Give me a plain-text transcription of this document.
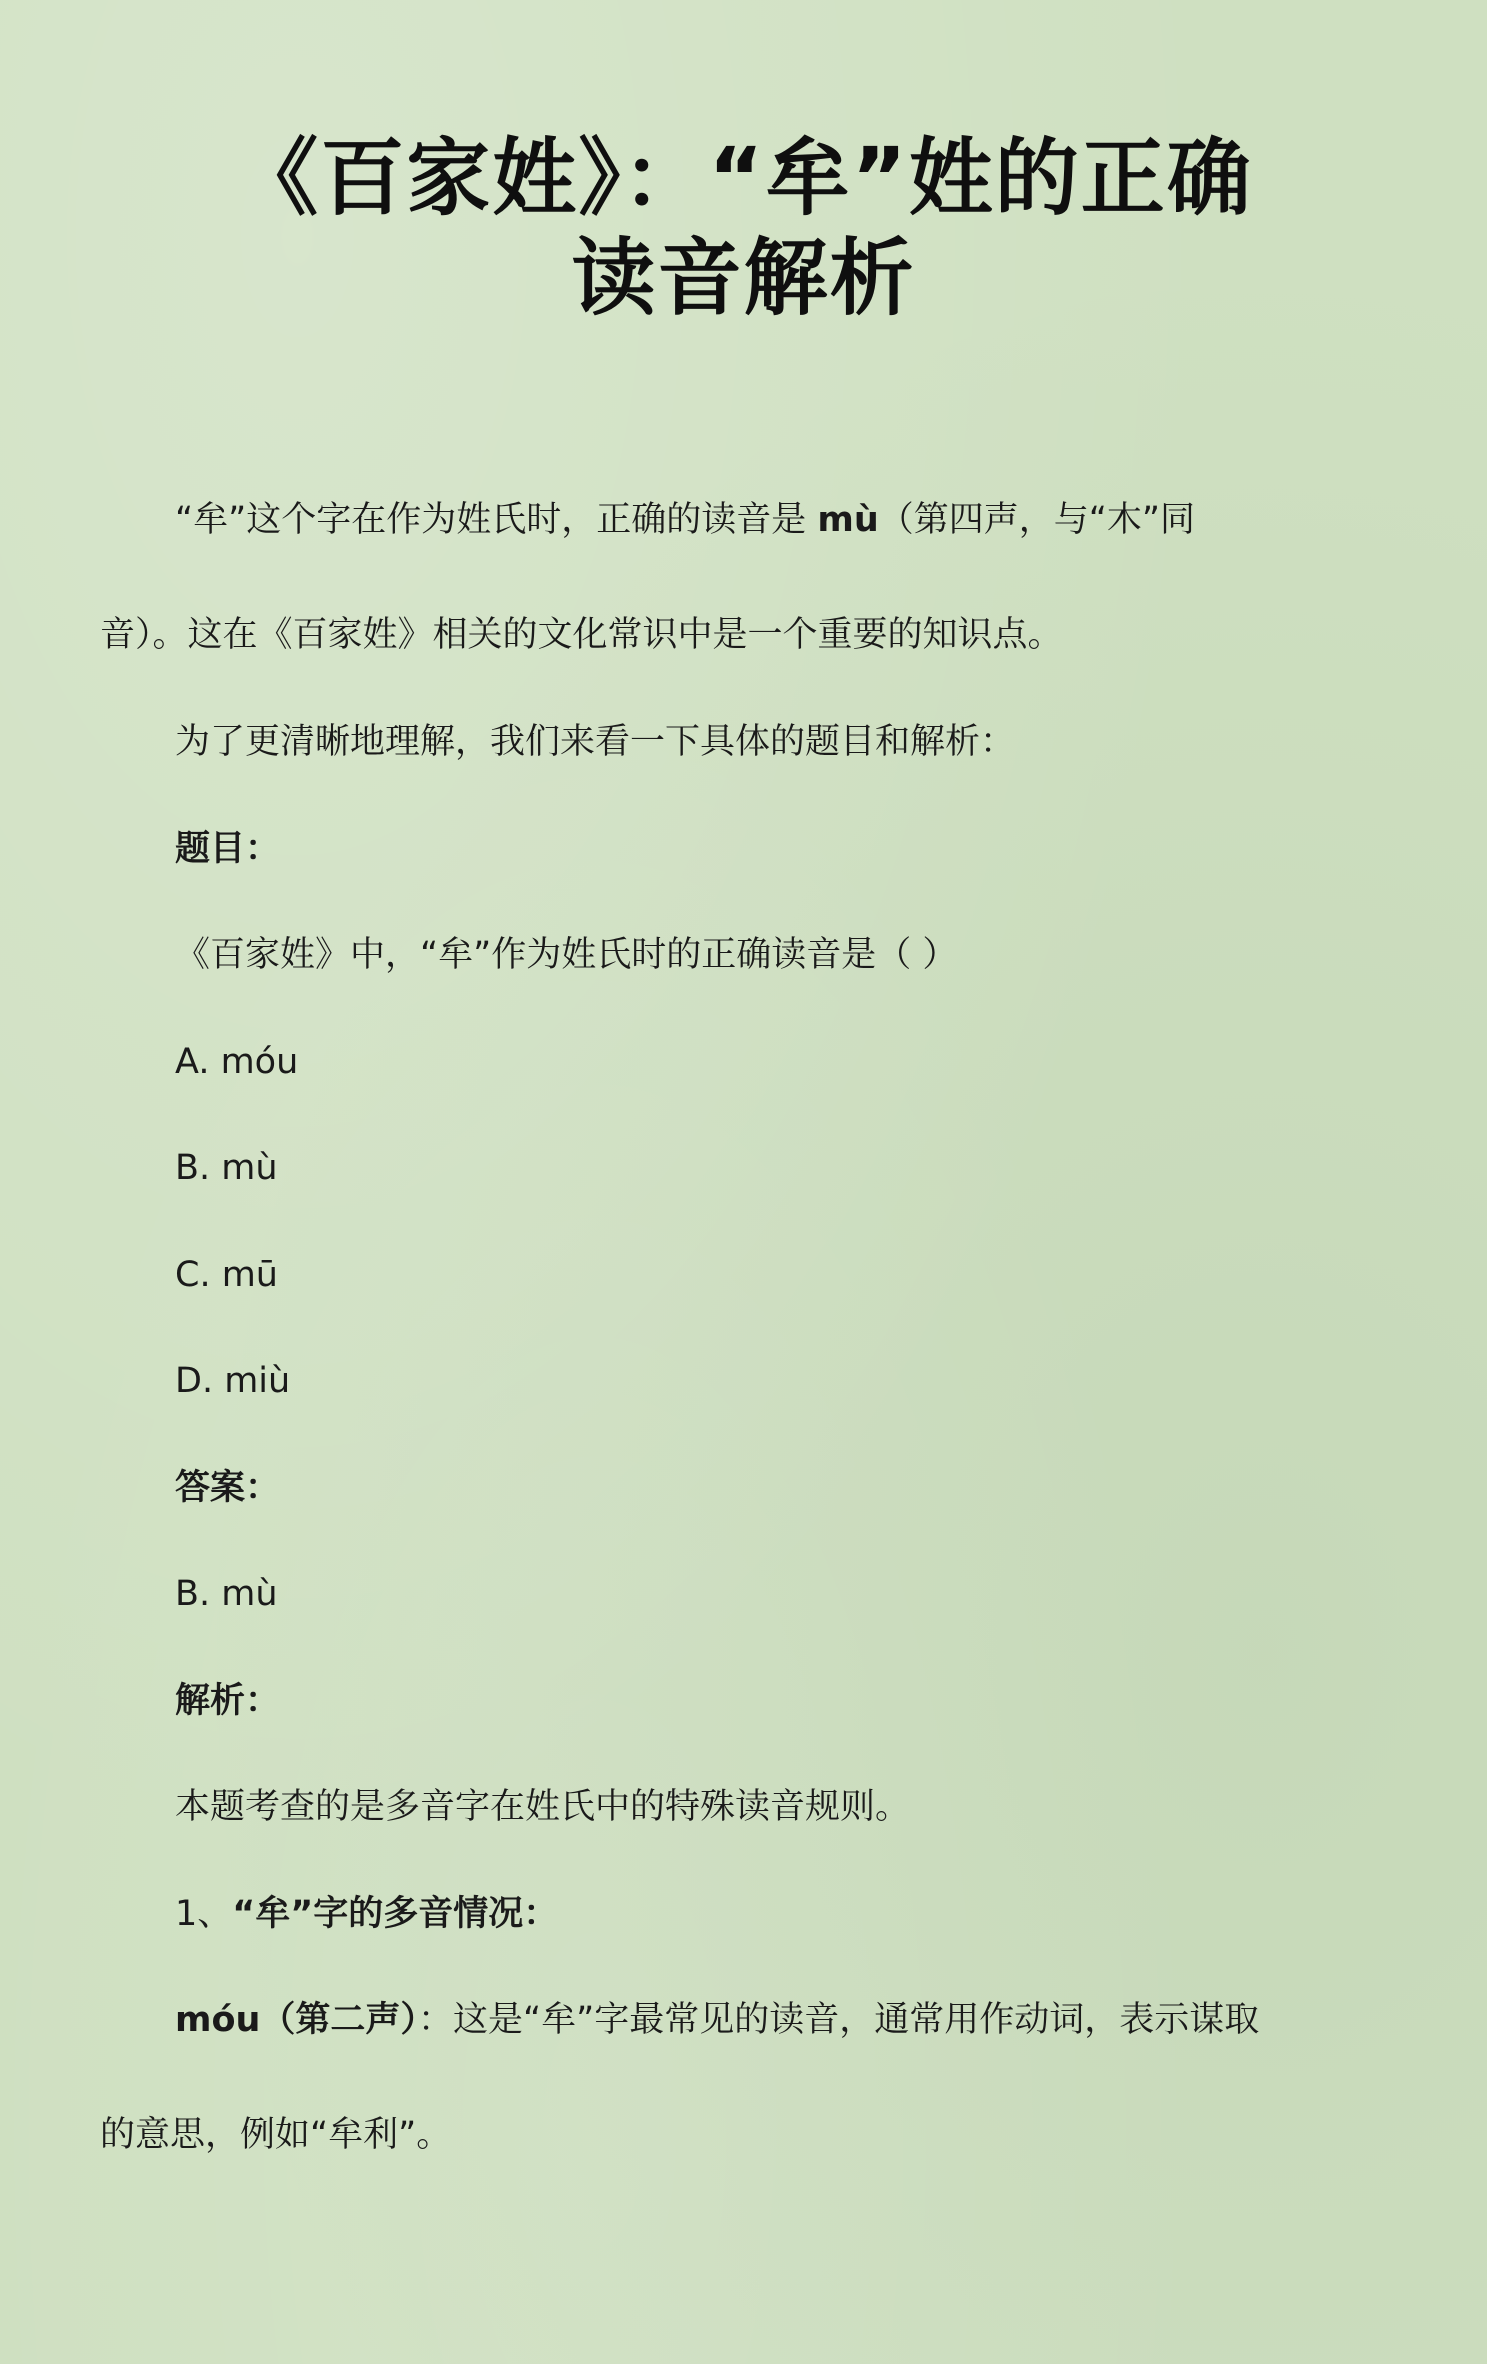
《百家姓》：“牟”姓的正确
读音解析

“牟”这个字在作为姓氏时，正确的读音是 mù（第四声，与“木”同

音）。这在《百家姓》相关的文化常识中是一个重要的知识点。

为了更清晰地理解，我们来看一下具体的题目和解析：

题目：

《百家姓》中，“牟”作为姓氏时的正确读音是（ ）

A. móu

B. mù

C. mū

D. miù

答案：

B. mù

解析：

本题考查的是多音字在姓氏中的特殊读音规则。

1、“牟”字的多音情况：

móu（第二声）：这是“牟”字最常见的读音，通常用作动词，表示谋取

的意思，例如“牟利”。
